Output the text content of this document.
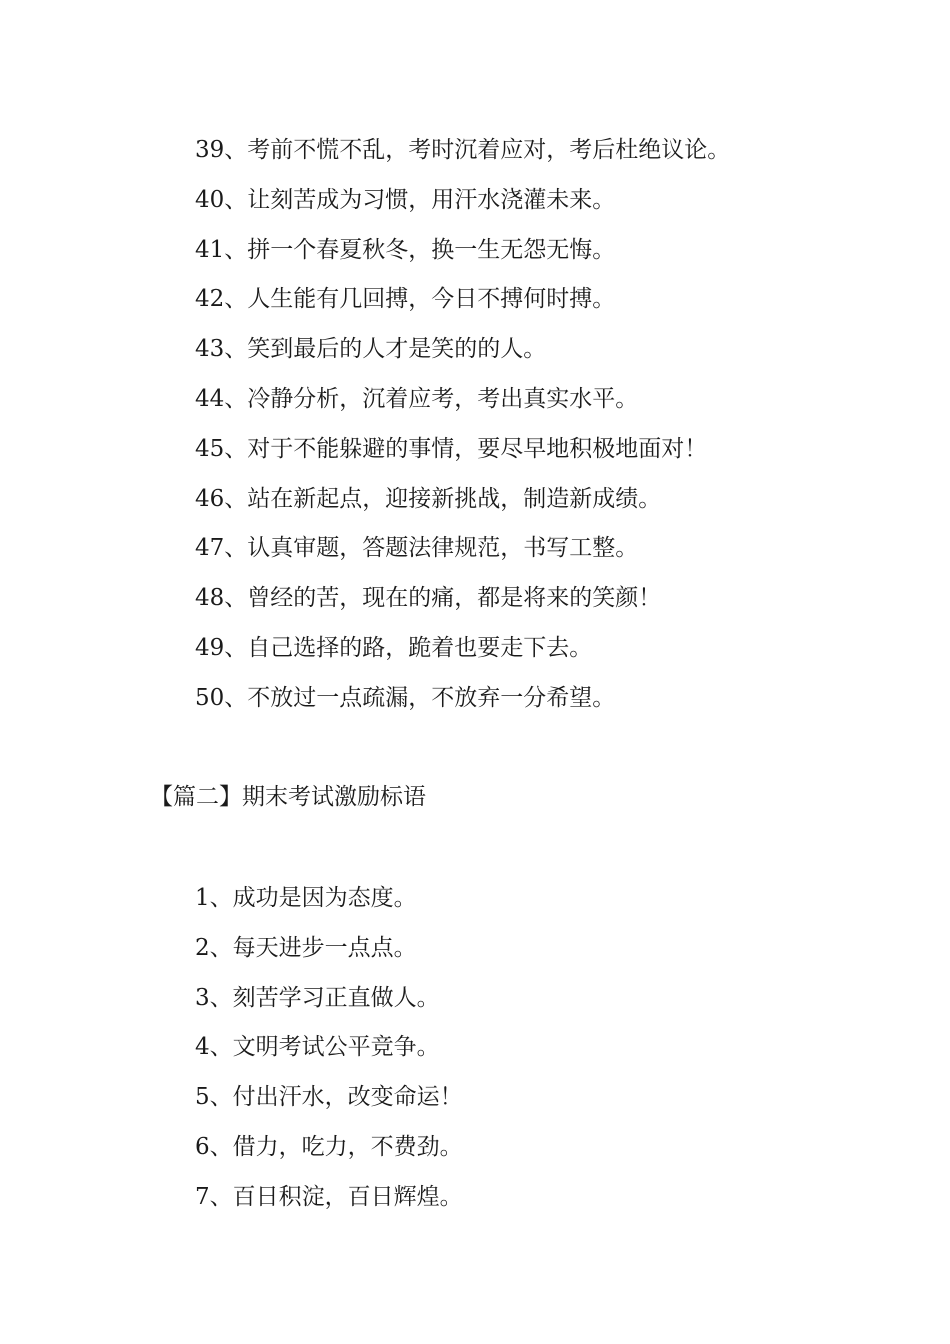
39、考前不慌不乱，考时沉着应对，考后杜绝议论。
40、让刻苦成为习惯，用汗水浇灌未来。
41、拼一个春夏秋冬，换一生无怨无悔。
42、人生能有几回搏，今日不搏何时搏。
43、笑到最后的人才是笑的的人。
44、冷静分析，沉着应考，考出真实水平。
45、对于不能躲避的事情，要尽早地积极地面对！
46、站在新起点，迎接新挑战，制造新成绩。
47、认真审题，答题法律规范，书写工整。
48、曾经的苦，现在的痛，都是将来的笑颜！
49、自己选择的路，跪着也要走下去。
50、不放过一点疏漏，不放弃一分希望。
【篇二】期末考试激励标语
1、成功是因为态度。
2、每天进步一点点。
3、刻苦学习正直做人。
4、文明考试公平竞争。
5、付出汗水，改变命运！
6、借力，吃力，不费劲。
7、百日积淀，百日辉煌。
